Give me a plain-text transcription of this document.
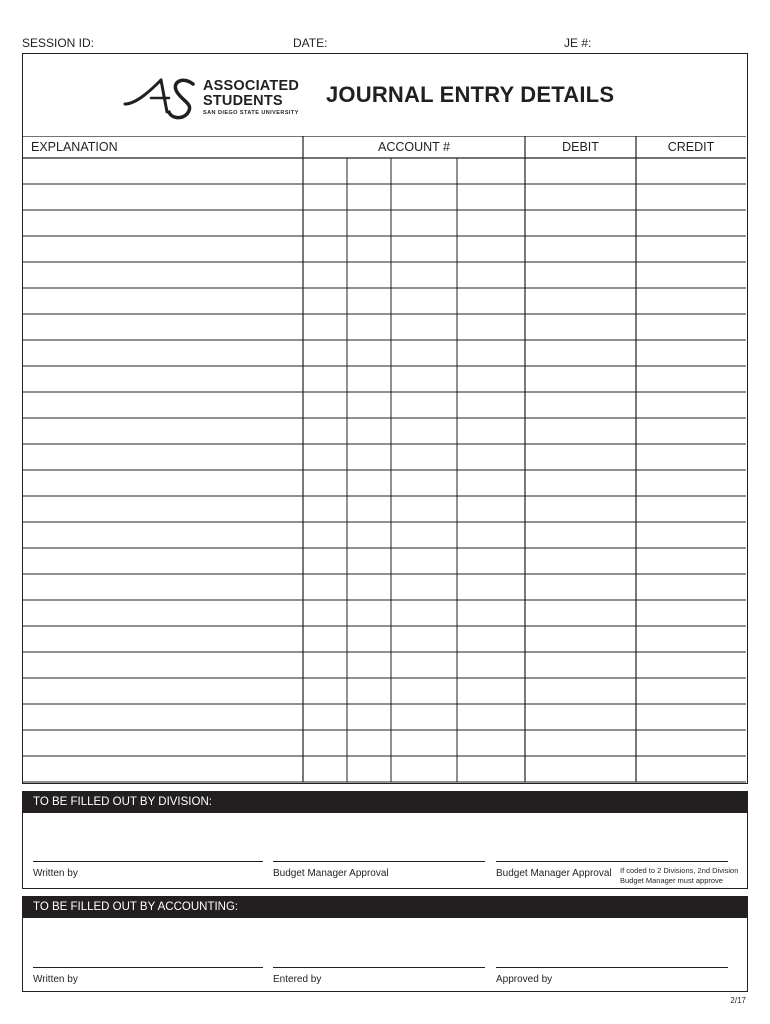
SESSION ID:	DATE:	JE #:
ASSOCIATED
STUDENTS
SAN DIEGO STATE UNIVERSITY
JOURNAL ENTRY DETAILS
EXPLANATION	ACCOUNT #	DEBIT	CREDIT
TO BE FILLED OUT BY DIVISION:
Written by	Budget Manager Approval	Budget Manager Approval	If coded to 2 Divisions, 2nd Division
Budget Manager must approve
TO BE FILLED OUT BY ACCOUNTING:
Written by	Entered by	Approved by
2/17
